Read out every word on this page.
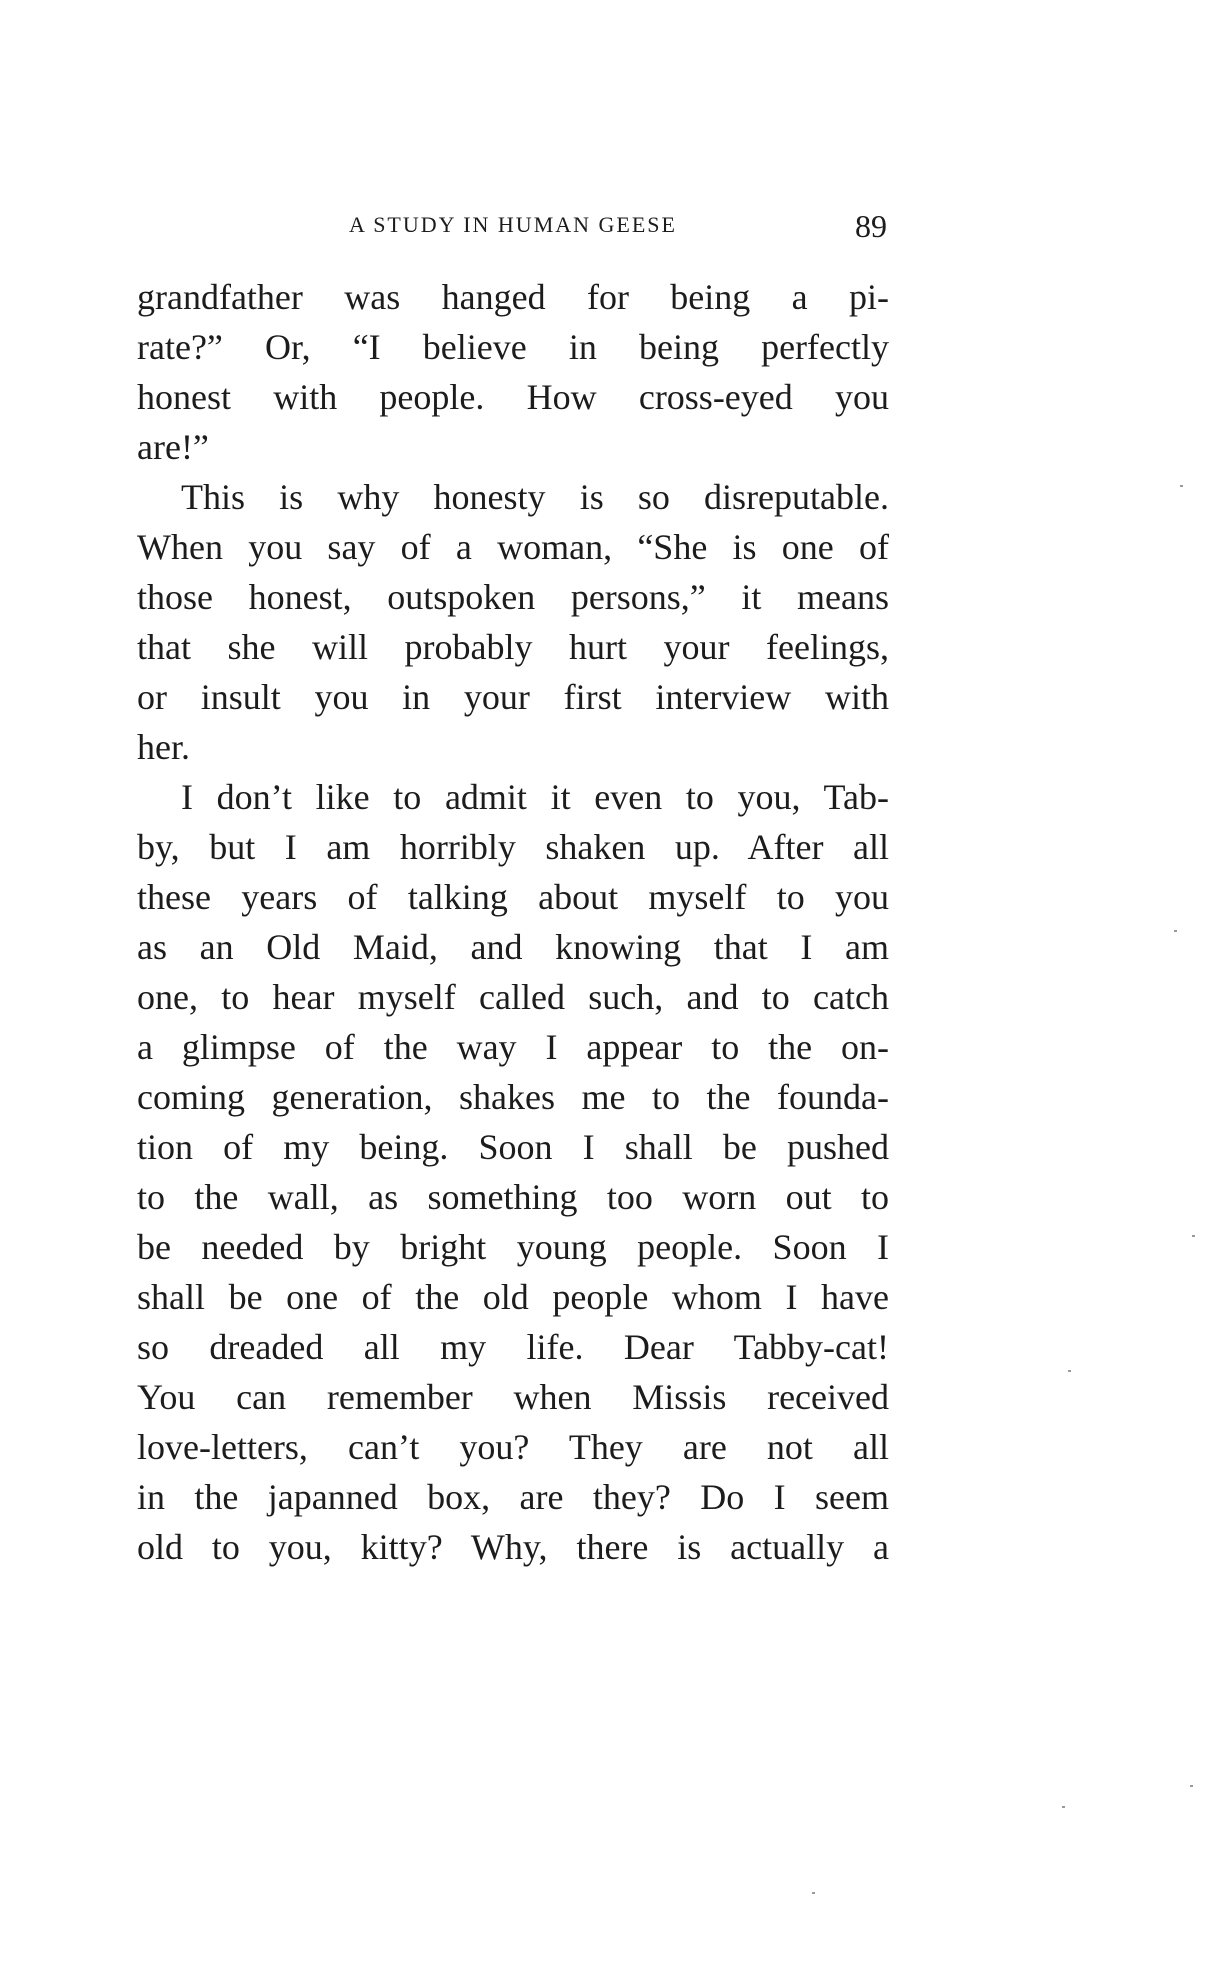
A STUDY IN HUMAN GEESE	89
grandfather was hanged for being a pi-
rate?” Or, “I believe in being perfectly
honest with people. How cross-eyed you
are!”
This is why honesty is so disreputable.
When you say of a woman, “She is one of
those honest, outspoken persons,” it means
that she will probably hurt your feelings,
or insult you in your first interview with
her.
I don’t like to admit it even to you, Tab-
by, but I am horribly shaken up. After all
these years of talking about myself to you
as an Old Maid, and knowing that I am
one, to hear myself called such, and to catch
a glimpse of the way I appear to the on-
coming generation, shakes me to the founda-
tion of my being. Soon I shall be pushed
to the wall, as something too worn out to
be needed by bright young people. Soon I
shall be one of the old people whom I have
so dreaded all my life. Dear Tabby-cat!
You can remember when Missis received
love-letters, can’t you? They are not all
in the japanned box, are they? Do I seem
old to you, kitty? Why, there is actually a
